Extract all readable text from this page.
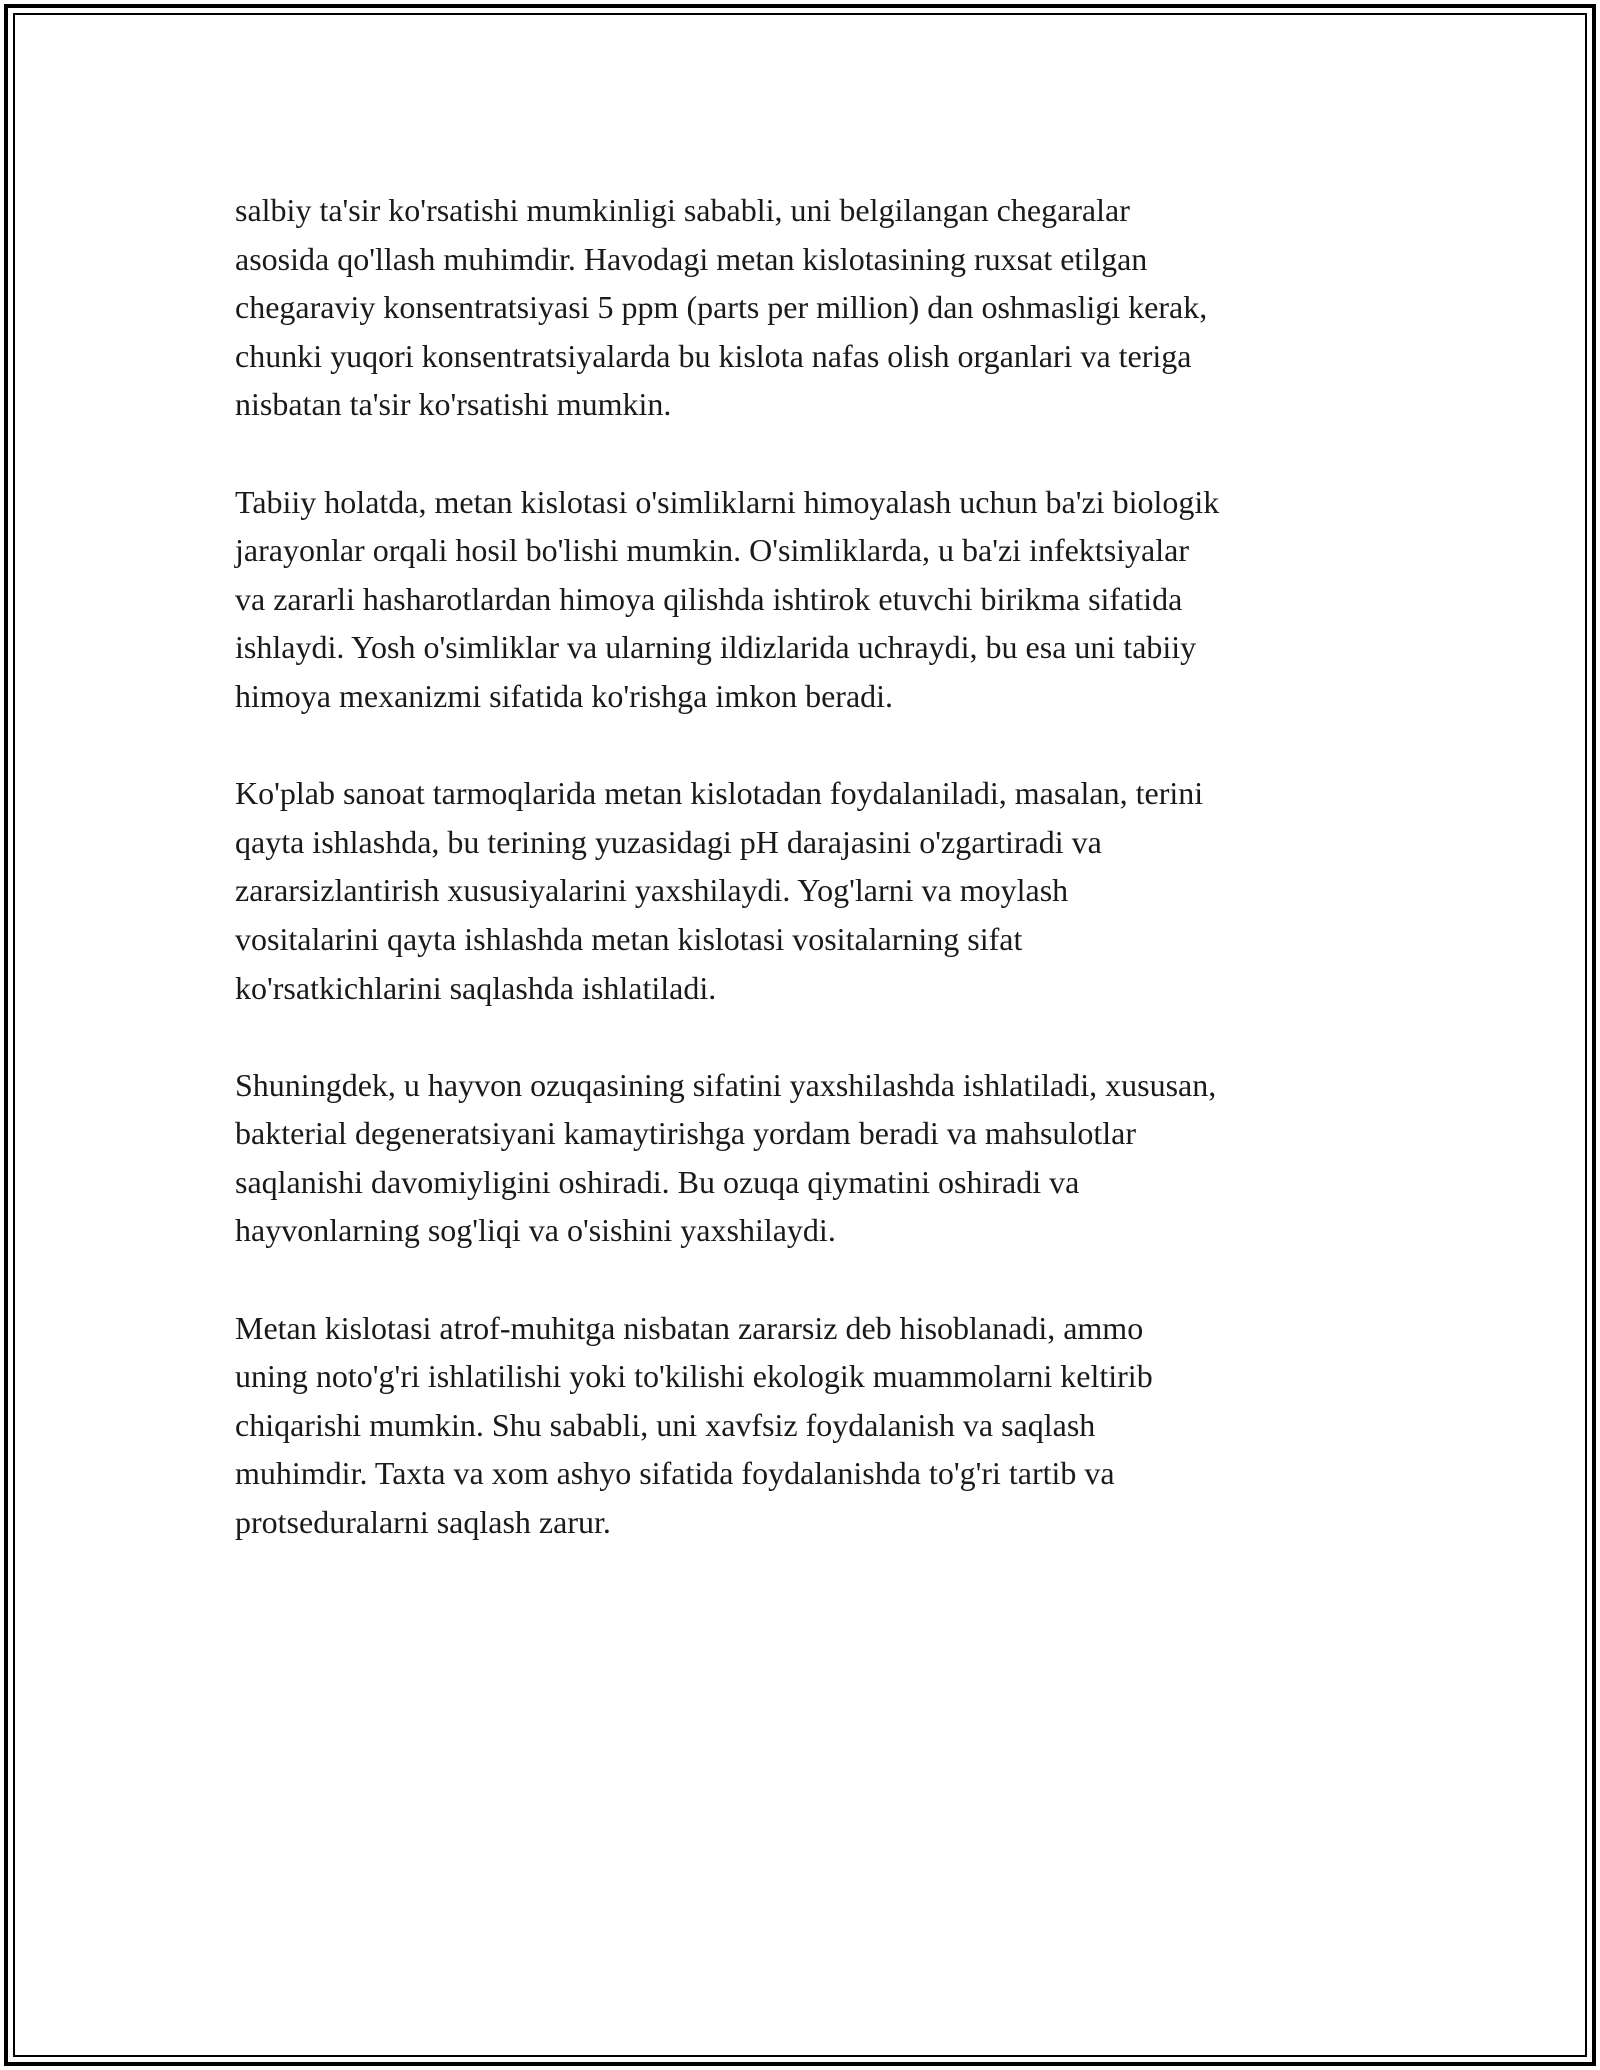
salbiy ta'sir ko'rsatishi mumkinligi sababli, uni belgilangan chegaralar
asosida qo'llash muhimdir. Havodagi metan kislotasining ruxsat etilgan
chegaraviy konsentratsiyasi 5 ppm (parts per million) dan oshmasligi kerak,
chunki yuqori konsentratsiyalarda bu kislota nafas olish organlari va teriga
nisbatan ta'sir ko'rsatishi mumkin.

Tabiiy holatda, metan kislotasi o'simliklarni himoyalash uchun ba'zi biologik
jarayonlar orqali hosil bo'lishi mumkin. O'simliklarda, u ba'zi infektsiyalar
va zararli hasharotlardan himoya qilishda ishtirok etuvchi birikma sifatida
ishlaydi. Yosh o'simliklar va ularning ildizlarida uchraydi, bu esa uni tabiiy
himoya mexanizmi sifatida ko'rishga imkon beradi.

Ko'plab sanoat tarmoqlarida metan kislotadan foydalaniladi, masalan, terini
qayta ishlashda, bu terining yuzasidagi pH darajasini o'zgartiradi va
zararsizlantirish xususiyalarini yaxshilaydi. Yog'larni va moylash
vositalarini qayta ishlashda metan kislotasi vositalarning sifat
ko'rsatkichlarini saqlashda ishlatiladi.

Shuningdek, u hayvon ozuqasining sifatini yaxshilashda ishlatiladi, xususan,
bakterial degeneratsiyani kamaytirishga yordam beradi va mahsulotlar
saqlanishi davomiyligini oshiradi. Bu ozuqa qiymatini oshiradi va
hayvonlarning sog'liqi va o'sishini yaxshilaydi.

Metan kislotasi atrof-muhitga nisbatan zararsiz deb hisoblanadi, ammo
uning noto'g'ri ishlatilishi yoki to'kilishi ekologik muammolarni keltirib
chiqarishi mumkin. Shu sababli, uni xavfsiz foydalanish va saqlash
muhimdir. Taxta va xom ashyo sifatida foydalanishda to'g'ri tartib va
protseduralarni saqlash zarur.
